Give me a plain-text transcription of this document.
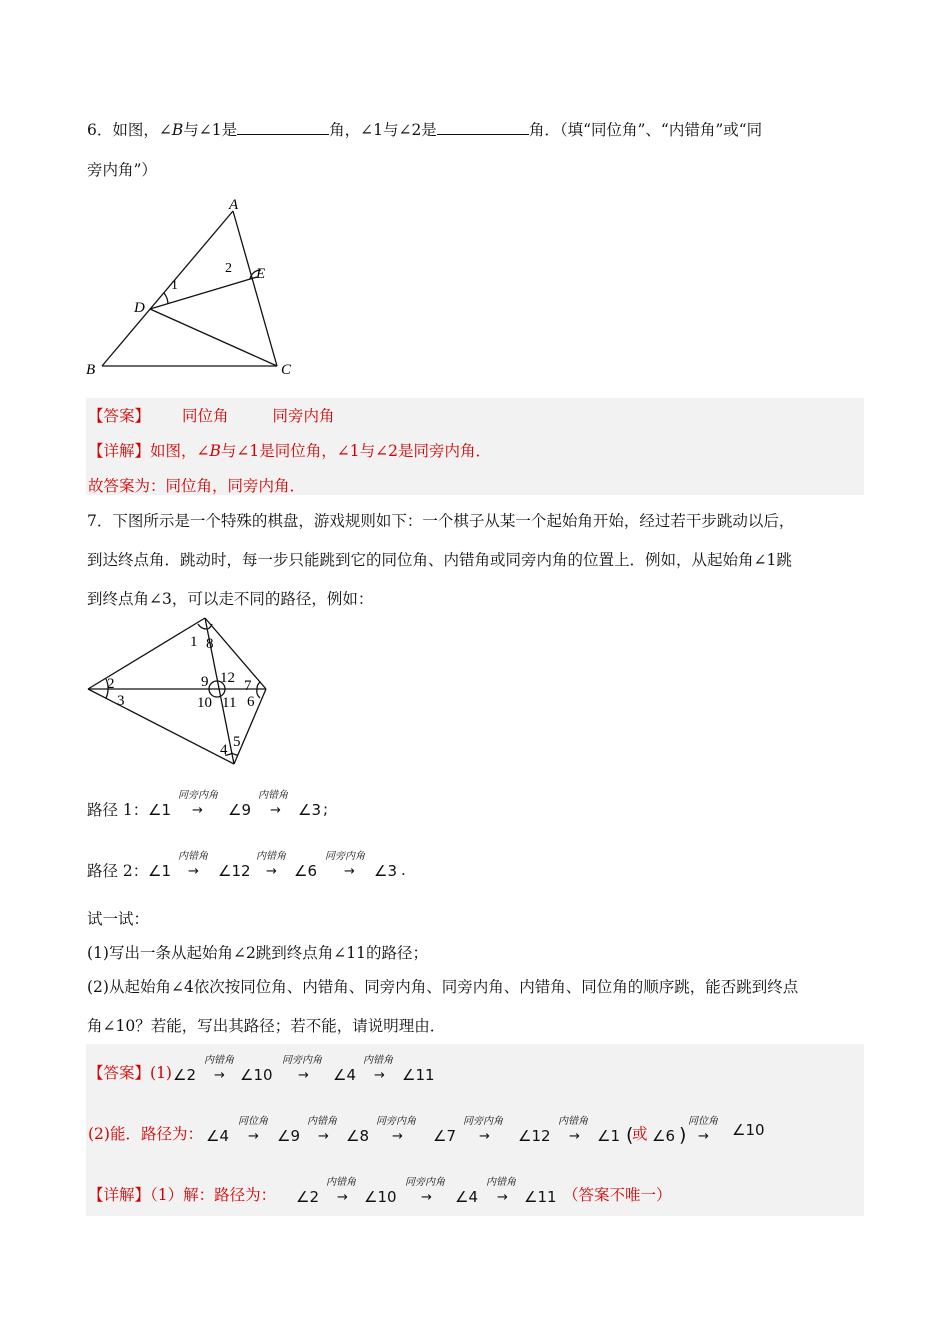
6．如图，∠B与∠1是	角，∠1与∠2是	角．（填“同位角”、“内错角”或“同
旁内角”）
A
E
D
B	C
1
2
【答案】 同位角	同旁内角
【详解】如图，∠B与∠1是同位角，∠1与∠2是同旁内角．
故答案为：同位角，同旁内角．
7．下图所示是一个特殊的棋盘，游戏规则如下：一个棋子从某一个起始角开始，经过若干步跳动以后，
到达终点角．跳动时，每一步只能跳到它的同位角、内错角或同旁内角的位置上．例如，从起始角∠1跳
到终点角∠3，可以走不同的路径，例如：
1 8
2
3
9 12 7
6
10 11
5
4
路径 1： ∠1
同旁内角
→ ∠9
内错角
→ ∠3 ;
路径 2： ∠1
内错角
→ ∠12
内错角
→ ∠6
同旁内角
→ ∠3 .
试一试：
(1)写出一条从起始角∠2跳到终点角∠11的路径；
(2)从起始角∠4依次按同位角、内错角、同旁内角、同旁内角、内错角、同位角的顺序跳，能否跳到终点
角∠10？若能，写出其路径；若不能，请说明理由．
【答案】(1) ∠2
内错角
→ ∠10
同旁内角
→ ∠4
内错角
→ ∠11
(2)能．路径为： ∠4
同位角
→ ∠9
内错角
→ ∠8
同旁内角
→ ∠7
同旁内角
→ ∠12
内错角
→ ∠1 (
或 ∠6 )
同位角
→ ∠10
【详解】（1）解：路径为： ∠2
内错角
→ ∠10
同旁内角
→ ∠4
内错角
→ ∠11 （答案不唯一）
